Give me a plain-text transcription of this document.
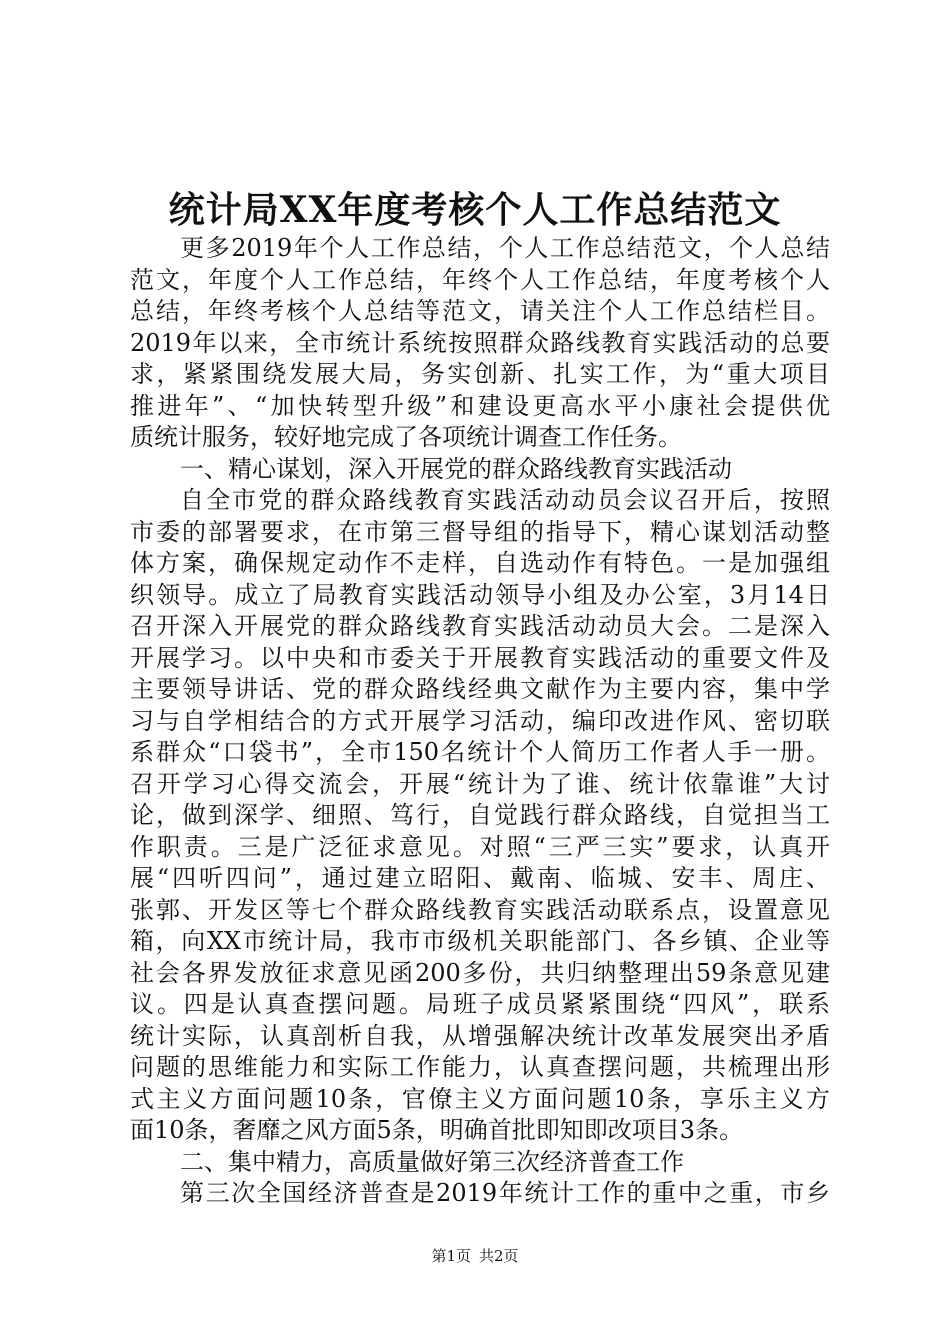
统计局XX年度考核个人工作总结范文
更多2019年个人工作总结，个人工作总结范文，个人总结
范文，年度个人工作总结，年终个人工作总结，年度考核个人
总结，年终考核个人总结等范文，请关注个人工作总结栏目。
2019年以来，全市统计系统按照群众路线教育实践活动的总要
求，紧紧围绕发展大局，务实创新、扎实工作，为“重大项目
推进年”、“加快转型升级”和建设更高水平小康社会提供优
质统计服务，较好地完成了各项统计调查工作任务。
一、精心谋划，深入开展党的群众路线教育实践活动
自全市党的群众路线教育实践活动动员会议召开后，按照
市委的部署要求，在市第三督导组的指导下，精心谋划活动整
体方案，确保规定动作不走样，自选动作有特色。一是加强组
织领导。成立了局教育实践活动领导小组及办公室，3月14日
召开深入开展党的群众路线教育实践活动动员大会。二是深入
开展学习。以中央和市委关于开展教育实践活动的重要文件及
主要领导讲话、党的群众路线经典文献作为主要内容，集中学
习与自学相结合的方式开展学习活动，编印改进作风、密切联
系群众“口袋书”，全市150名统计个人简历工作者人手一册。
召开学习心得交流会，开展“统计为了谁、统计依靠谁”大讨
论，做到深学、细照、笃行，自觉践行群众路线，自觉担当工
作职责。三是广泛征求意见。对照“三严三实”要求，认真开
展“四听四问”，通过建立昭阳、戴南、临城、安丰、周庄、
张郭、开发区等七个群众路线教育实践活动联系点，设置意见
箱，向XX市统计局，我市市级机关职能部门、各乡镇、企业等
社会各界发放征求意见函200多份，共归纳整理出59条意见建
议。四是认真查摆问题。局班子成员紧紧围绕“四风”，联系
统计实际，认真剖析自我，从增强解决统计改革发展突出矛盾
问题的思维能力和实际工作能力，认真查摆问题，共梳理出形
式主义方面问题10条，官僚主义方面问题10条，享乐主义方
面10条，奢靡之风方面5条，明确首批即知即改项目3条。
二、集中精力，高质量做好第三次经济普查工作
第三次全国经济普查是2019年统计工作的重中之重，市乡
第1页 共2页
